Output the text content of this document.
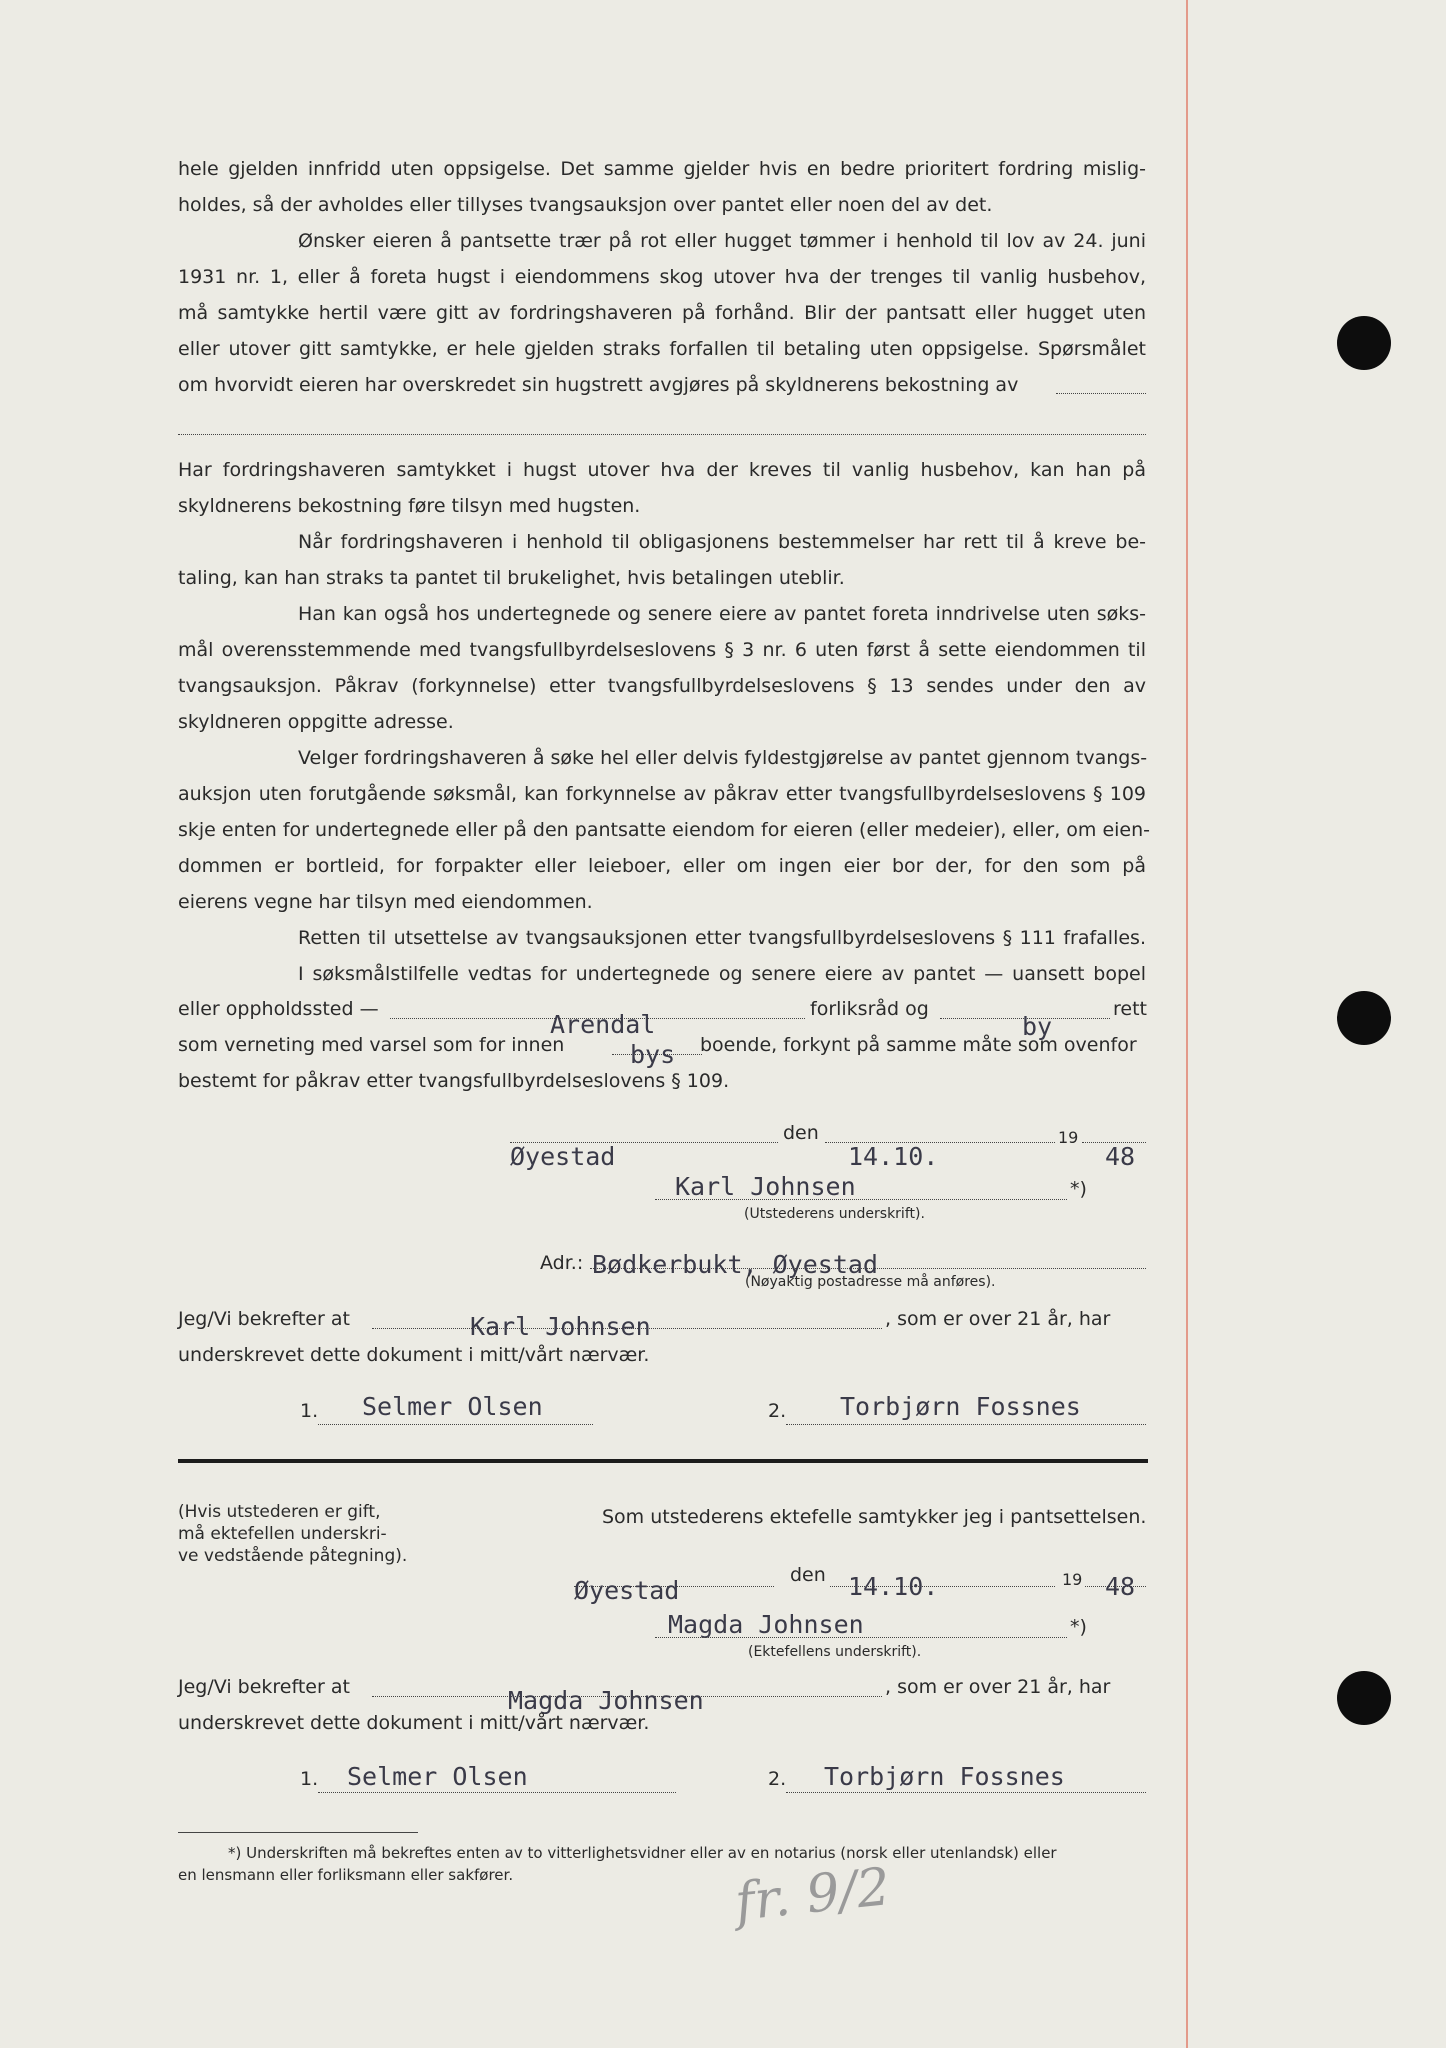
hele gjelden innfridd uten oppsigelse. Det samme gjelder hvis en bedre prioritert fordring mislig-
holdes, så der avholdes eller tillyses tvangsauksjon over pantet eller noen del av det.
Ønsker eieren å pantsette trær på rot eller hugget tømmer i henhold til lov av 24. juni
1931 nr. 1, eller å foreta hugst i eiendommens skog utover hva der trenges til vanlig husbehov,
må samtykke hertil være gitt av fordringshaveren på forhånd. Blir der pantsatt eller hugget uten
eller utover gitt samtykke, er hele gjelden straks forfallen til betaling uten oppsigelse. Spørsmålet
om hvorvidt eieren har overskredet sin hugstrett avgjøres på skyldnerens bekostning av
Har fordringshaveren samtykket i hugst utover hva der kreves til vanlig husbehov, kan han på
skyldnerens bekostning føre tilsyn med hugsten.
Når fordringshaveren i henhold til obligasjonens bestemmelser har rett til å kreve be-
taling, kan han straks ta pantet til brukelighet, hvis betalingen uteblir.
Han kan også hos undertegnede og senere eiere av pantet foreta inndrivelse uten søks-
mål overensstemmende med tvangsfullbyrdelseslovens § 3 nr. 6 uten først å sette eiendommen til
tvangsauksjon. Påkrav (forkynnelse) etter tvangsfullbyrdelseslovens § 13 sendes under den av
skyldneren oppgitte adresse.
Velger fordringshaveren å søke hel eller delvis fyldestgjørelse av pantet gjennom tvangs-
auksjon uten forutgående søksmål, kan forkynnelse av påkrav etter tvangsfullbyrdelseslovens § 109
skje enten for undertegnede eller på den pantsatte eiendom for eieren (eller medeier), eller, om eien-
dommen er bortleid, for forpakter eller leieboer, eller om ingen eier bor der, for den som på
eierens vegne har tilsyn med eiendommen.
Retten til utsettelse av tvangsauksjonen etter tvangsfullbyrdelseslovens § 111 frafalles.
I søksmålstilfelle vedtas for undertegnede og senere eiere av pantet — uansett bopel
eller oppholdssted —	forliksråd og	rett
Arendal	by
som verneting med varsel som for innen	bys boende, forkynt på samme måte som ovenfor
bestemt for påkrav etter tvangsfullbyrdelseslovens § 109.
den	19
Øyestad	14.10.	48
Karl Johnsen	*)
(Utstederens underskrift).
Adr.: Bødkerbukt, Øyestad
(Nøyaktig postadresse må anføres).
Jeg/Vi bekrefter at	Karl Johnsen	, som er over 21 år, har
underskrevet dette dokument i mitt/vårt nærvær.
1. Selmer Olsen	2. Torbjørn Fossnes
(Hvis utstederen er gift,
må ektefellen underskri-
ve vedstående påtegning).
Som utstederens ektefelle samtykker jeg i pantsettelsen.
den	19
Øyestad	14.10.	48
Magda Johnsen	*)
(Ektefellens underskrift).
Jeg/Vi bekrefter at	Magda Johnsen	, som er over 21 år, har
underskrevet dette dokument i mitt/vårt nærvær.
1. Selmer Olsen	2. Torbjørn Fossnes
*) Underskriften må bekreftes enten av to vitterlighetsvidner eller av en notarius (norsk eller utenlandsk) eller
en lensmann eller forliksmann eller sakfører.	fr. 9/2
